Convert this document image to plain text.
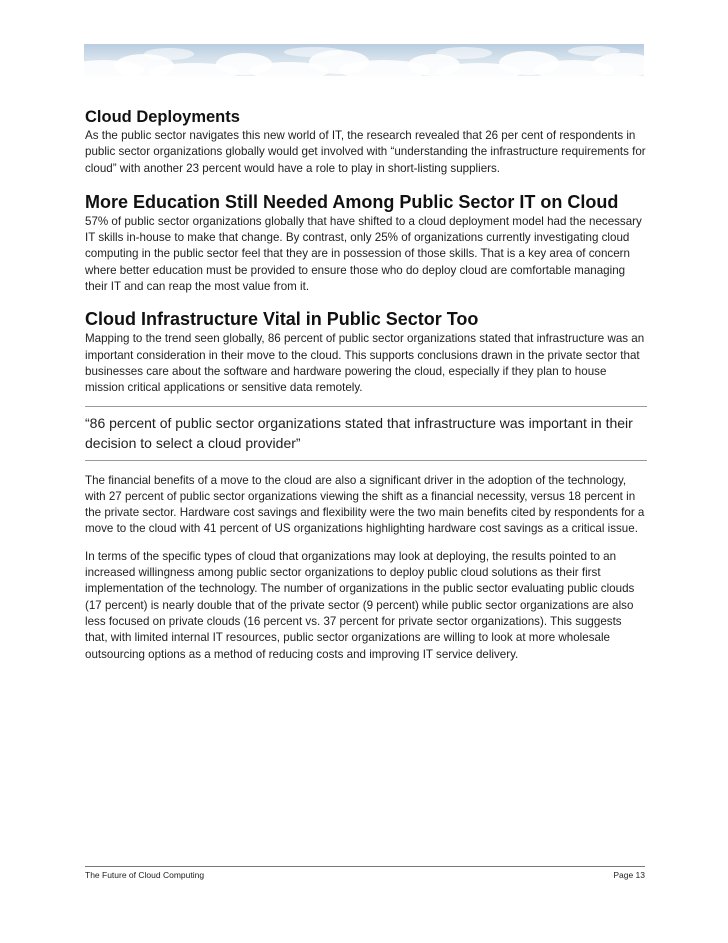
Cloud Deployments

As the public sector navigates this new world of IT, the research revealed that 26 per cent of respondents in public sector organizations globally would get involved with “understanding the infrastructure requirements for cloud” with another 23 percent would have a role to play in short-listing suppliers.

More Education Still Needed Among Public Sector IT on Cloud

57% of public sector organizations globally that have shifted to a cloud deployment model had the necessary IT skills in-house to make that change. By contrast, only 25% of organizations currently investigating cloud computing in the public sector feel that they are in possession of those skills. That is a key area of concern where better education must be provided to ensure those who do deploy cloud are comfortable managing their IT and can reap the most value from it.

Cloud Infrastructure Vital in Public Sector Too

Mapping to the trend seen globally, 86 percent of public sector organizations stated that infrastructure was an important consideration in their move to the cloud. This supports conclusions drawn in the private sector that businesses care about the software and hardware powering the cloud, especially if they plan to house mission critical applications or sensitive data remotely.

“86 percent of public sector organizations stated that infrastructure was important in their decision to select a cloud provider”

The financial benefits of a move to the cloud are also a significant driver in the adoption of the technology, with 27 percent of public sector organizations viewing the shift as a financial necessity, versus 18 percent in the private sector. Hardware cost savings and flexibility were the two main benefits cited by respondents for a move to the cloud with 41 percent of US organizations highlighting hardware cost savings as a critical issue.

In terms of the specific types of cloud that organizations may look at deploying, the results pointed to an increased willingness among public sector organizations to deploy public cloud solutions as their first implementation of the technology. The number of organizations in the public sector evaluating public clouds (17 percent) is nearly double that of the private sector (9 percent) while public sector organizations are also less focused on private clouds (16 percent vs. 37 percent for private sector organizations). This suggests that, with limited internal IT resources, public sector organizations are willing to look at more wholesale outsourcing options as a method of reducing costs and improving IT service delivery.

The Future of Cloud Computing	Page 13
